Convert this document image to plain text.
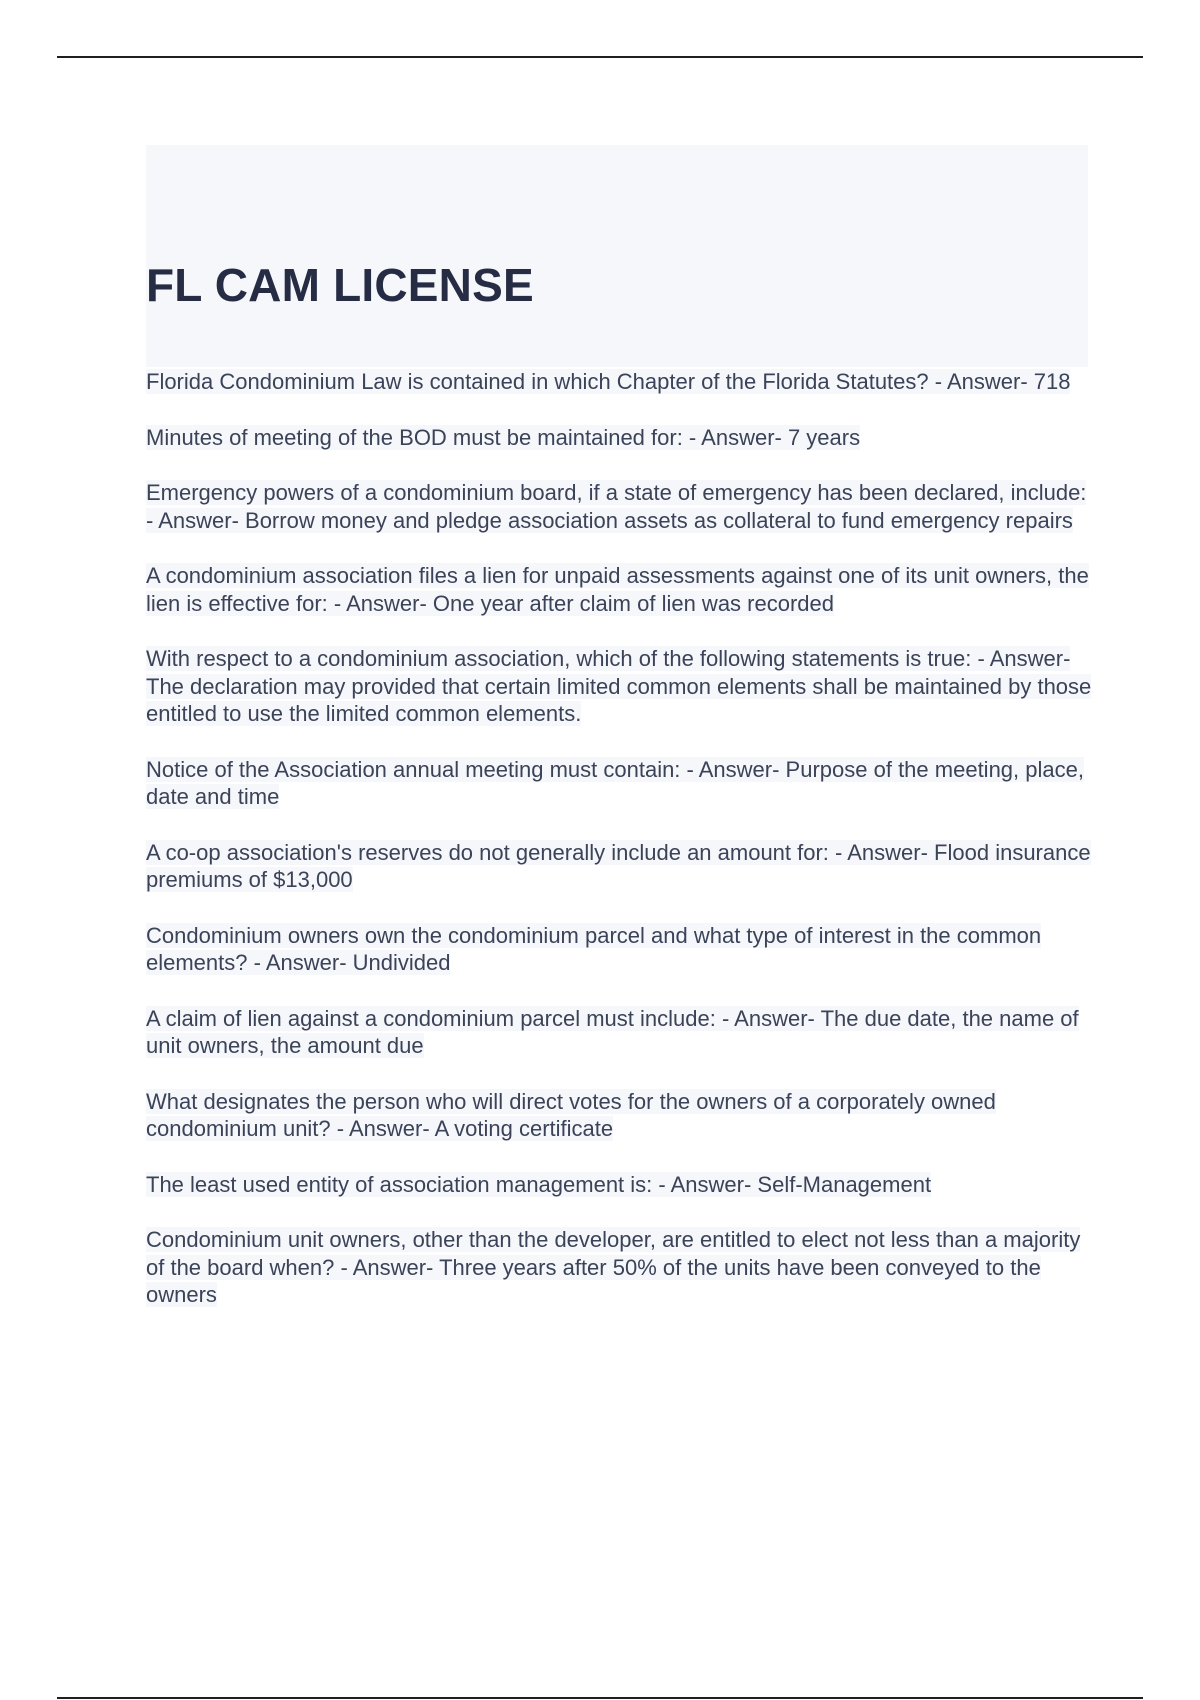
FL CAM LICENSE

Florida Condominium Law is contained in which Chapter of the Florida Statutes? - Answer- 718

Minutes of meeting of the BOD must be maintained for: - Answer- 7 years

Emergency powers of a condominium board, if a state of emergency has been declared, include: - Answer- Borrow money and pledge association assets as collateral to fund emergency repairs

A condominium association files a lien for unpaid assessments against one of its unit owners, the lien is effective for: - Answer- One year after claim of lien was recorded

With respect to a condominium association, which of the following statements is true: - Answer- The declaration may provided that certain limited common elements shall be maintained by those entitled to use the limited common elements.

Notice of the Association annual meeting must contain: - Answer- Purpose of the meeting, place, date and time

A co-op association's reserves do not generally include an amount for: - Answer- Flood insurance premiums of $13,000

Condominium owners own the condominium parcel and what type of interest in the common elements? - Answer- Undivided

A claim of lien against a condominium parcel must include: - Answer- The due date, the name of unit owners, the amount due

What designates the person who will direct votes for the owners of a corporately owned condominium unit? - Answer- A voting certificate

The least used entity of association management is: - Answer- Self-Management

Condominium unit owners, other than the developer, are entitled to elect not less than a majority of the board when? - Answer- Three years after 50% of the units have been conveyed to the owners
